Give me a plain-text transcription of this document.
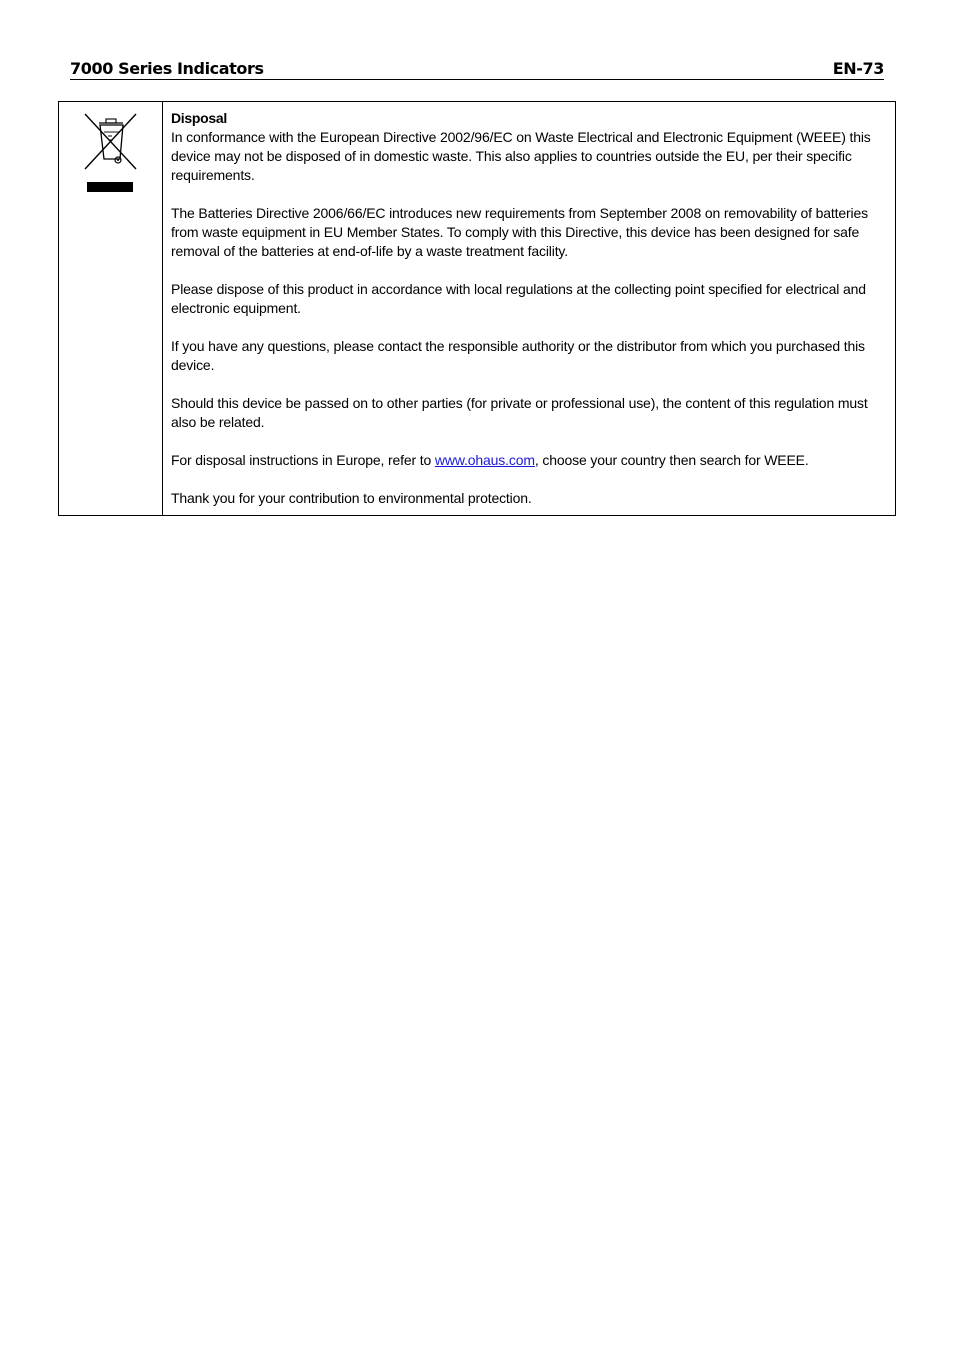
7000 Series Indicators	EN-73

Disposal

In conformance with the European Directive 2002/96/EC on Waste Electrical and Electronic Equipment (WEEE) this device may not be disposed of in domestic waste. This also applies to countries outside the EU, per their specific requirements.

The Batteries Directive 2006/66/EC introduces new requirements from September 2008 on removability of batteries from waste equipment in EU Member States. To comply with this Directive, this device has been designed for safe removal of the batteries at end-of-life by a waste treatment facility.

Please dispose of this product in accordance with local regulations at the collecting point specified for electrical and electronic equipment.

If you have any questions, please contact the responsible authority or the distributor from which you purchased this device.

Should this device be passed on to other parties (for private or professional use), the content of this regulation must also be related.

For disposal instructions in Europe, refer to www.ohaus.com, choose your country then search for WEEE.

Thank you for your contribution to environmental protection.
